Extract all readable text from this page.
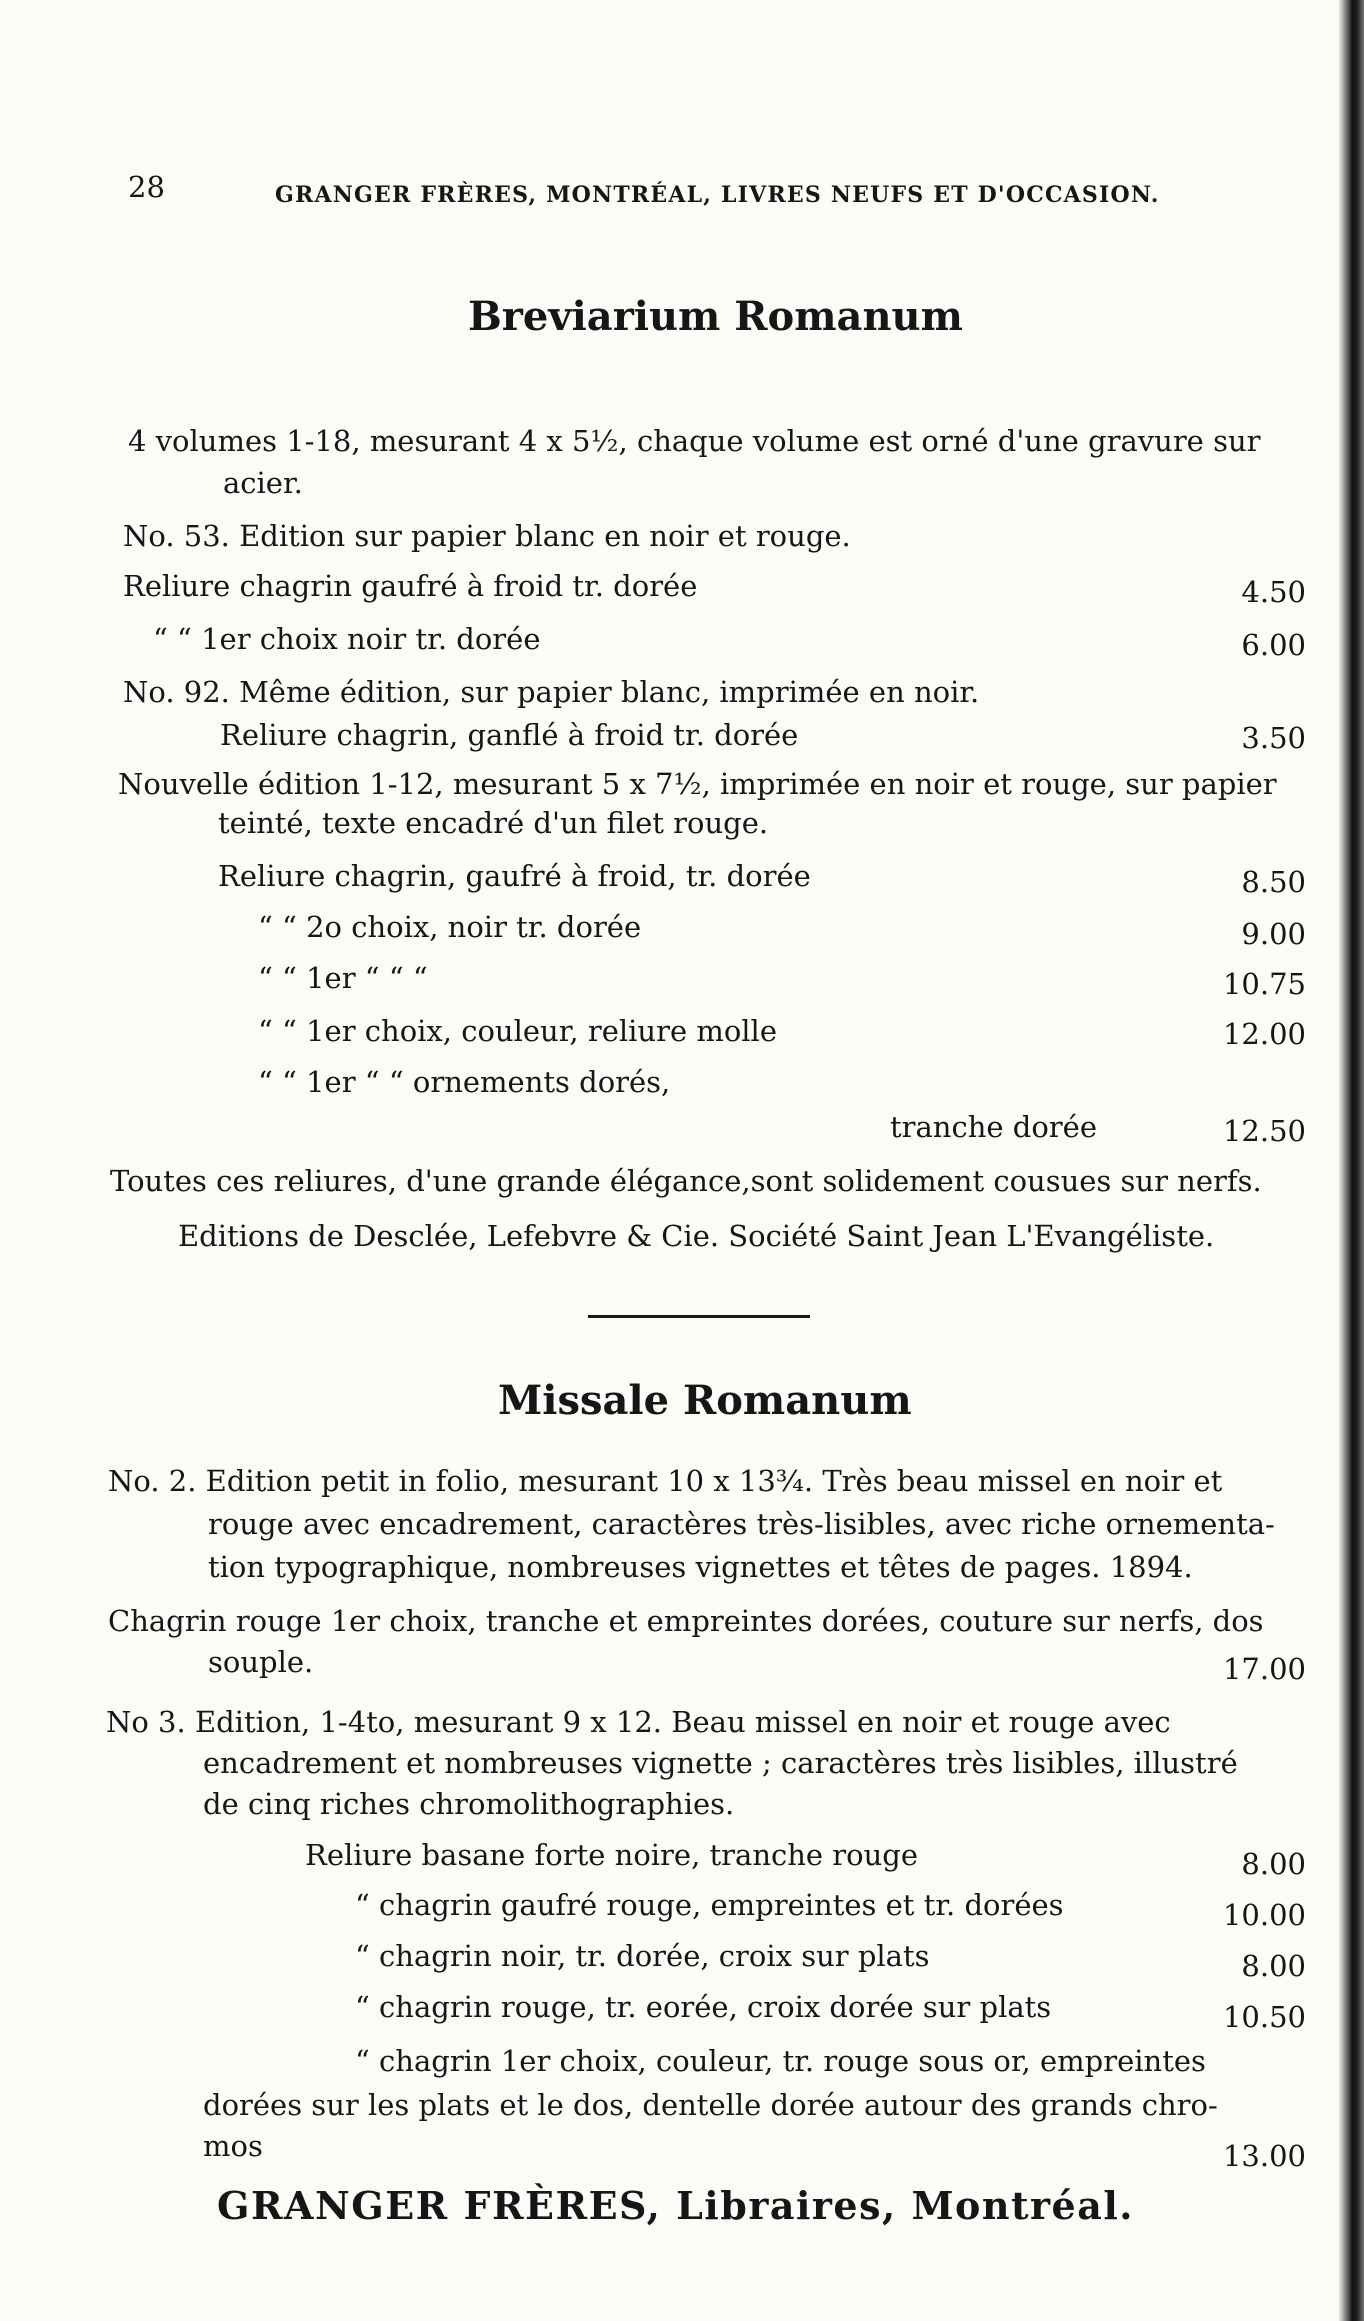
28	GRANGER FRÈRES, MONTRÉAL, LIVRES NEUFS ET D'OCCASION.
Breviarium Romanum
4 volumes 1-18, mesurant 4 x 5½, chaque volume est orné d'une gravure sur
acier.
No. 53. Edition sur papier blanc en noir et rouge.
Reliure chagrin gaufré à froid tr. dorée	4.50
“ “ 1er choix noir tr. dorée	6.00
No. 92. Même édition, sur papier blanc, imprimée en noir.
Reliure chagrin, ganflé à froid tr. dorée	3.50
Nouvelle édition 1-12, mesurant 5 x 7½, imprimée en noir et rouge, sur papier
teinté, texte encadré d'un filet rouge.
Reliure chagrin, gaufré à froid, tr. dorée	8.50
“ “ 2o choix, noir tr. dorée	9.00
“ “ 1er “ “ “	10.75
“ “ 1er choix, couleur, reliure molle	12.00
“ “ 1er “ “ ornements dorés,
tranche dorée	12.50
Toutes ces reliures, d'une grande élégance,sont solidement cousues sur nerfs.
Editions de Desclée, Lefebvre & Cie. Société Saint Jean L'Evangéliste.
Missale Romanum
No. 2. Edition petit in folio, mesurant 10 x 13¾. Très beau missel en noir et
rouge avec encadrement, caractères très-lisibles, avec riche ornementa-
tion typographique, nombreuses vignettes et têtes de pages. 1894.
Chagrin rouge 1er choix, tranche et empreintes dorées, couture sur nerfs, dos
souple.	17.00
No 3. Edition, 1-4to, mesurant 9 x 12. Beau missel en noir et rouge avec
encadrement et nombreuses vignette ; caractères très lisibles, illustré
de cinq riches chromolithographies.
Reliure basane forte noire, tranche rouge	8.00
“ chagrin gaufré rouge, empreintes et tr. dorées	10.00
“ chagrin noir, tr. dorée, croix sur plats	8.00
“ chagrin rouge, tr. eorée, croix dorée sur plats	10.50
“ chagrin 1er choix, couleur, tr. rouge sous or, empreintes
dorées sur les plats et le dos, dentelle dorée autour des grands chro-
mos	13.00
GRANGER FRÈRES, Libraires, Montréal.
